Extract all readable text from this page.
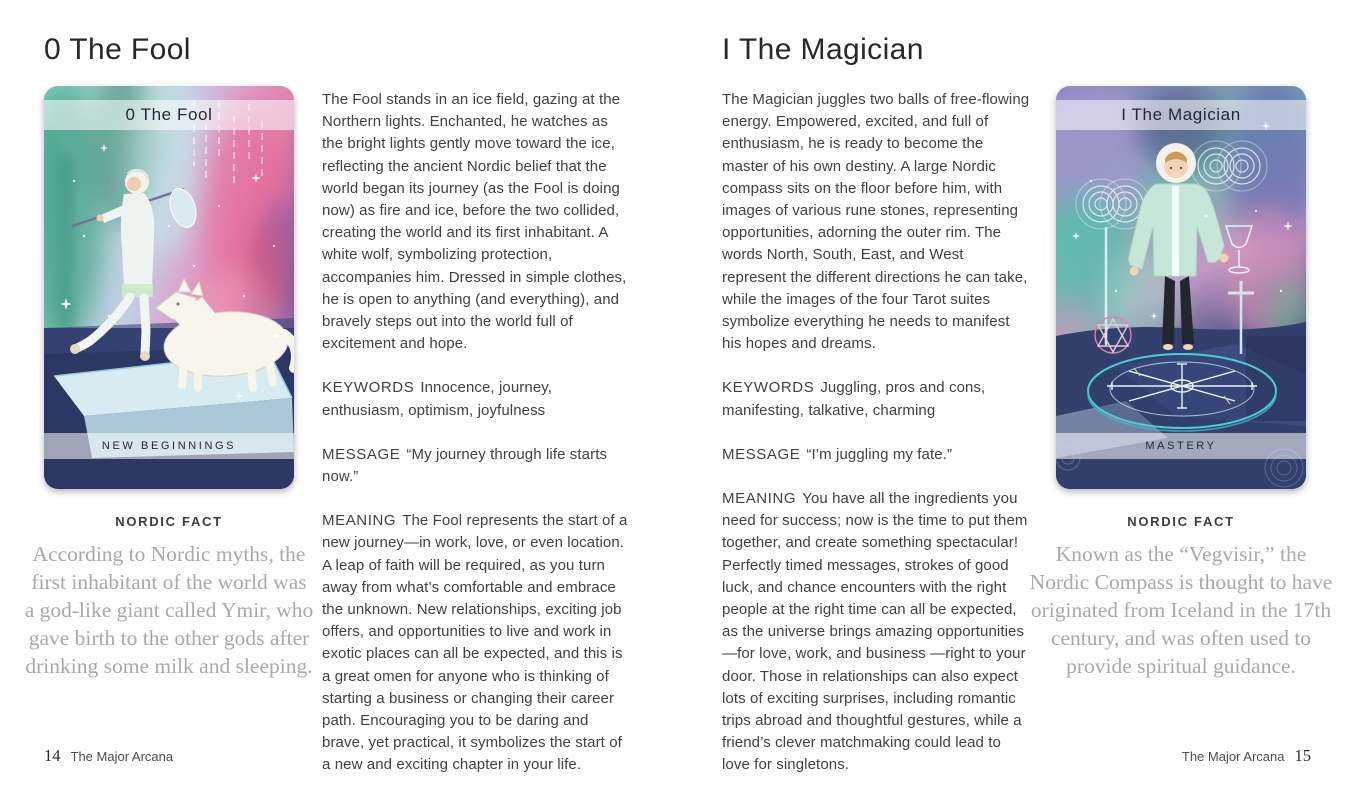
0 The Fool
0 The Fool
NEW BEGINNINGS
NORDIC FACT
According to Nordic myths, the first inhabitant of the world was a god-like giant called Ymir, who gave birth to the other gods after drinking some milk and sleeping.

The Fool stands in an ice field, gazing at the Northern lights. Enchanted, he watches as the bright lights gently move toward the ice, reflecting the ancient Nordic belief that the world began its journey (as the Fool is doing now) as fire and ice, before the two collided, creating the world and its first inhabitant. A white wolf, symbolizing protection, accompanies him. Dressed in simple clothes, he is open to anything (and everything), and bravely steps out into the world full of excitement and hope.

KEYWORDS Innocence, journey, enthusiasm, optimism, joyfulness

MESSAGE “My journey through life starts now.”

MEANING The Fool represents the start of a new journey—in work, love, or even location. A leap of faith will be required, as you turn away from what’s comfortable and embrace the unknown. New relationships, exciting job offers, and opportunities to live and work in exotic places can all be expected, and this is a great omen for anyone who is thinking of starting a business or changing their career path. Encouraging you to be daring and brave, yet practical, it symbolizes the start of a new and exciting chapter in your life.

I The Magician

The Magician juggles two balls of free-flowing energy. Empowered, excited, and full of enthusiasm, he is ready to become the master of his own destiny. A large Nordic compass sits on the floor before him, with images of various rune stones, representing opportunities, adorning the outer rim. The words North, South, East, and West represent the different directions he can take, while the images of the four Tarot suites symbolize everything he needs to manifest his hopes and dreams.

KEYWORDS Juggling, pros and cons, manifesting, talkative, charming

MESSAGE “I’m juggling my fate.”

MEANING You have all the ingredients you need for success; now is the time to put them together, and create something spectacular! Perfectly timed messages, strokes of good luck, and chance encounters with the right people at the right time can all be expected, as the universe brings amazing opportunities—for love, work, and business —right to your door. Those in relationships can also expect lots of exciting surprises, including romantic trips abroad and thoughtful gestures, while a friend’s clever matchmaking could lead to love for singletons.

I The Magician
MASTERY
NORDIC FACT
Known as the “Vegvisir,” the Nordic Compass is thought to have originated from Iceland in the 17th century, and was often used to provide spiritual guidance.
14 The Major Arcana	The Major Arcana 15
